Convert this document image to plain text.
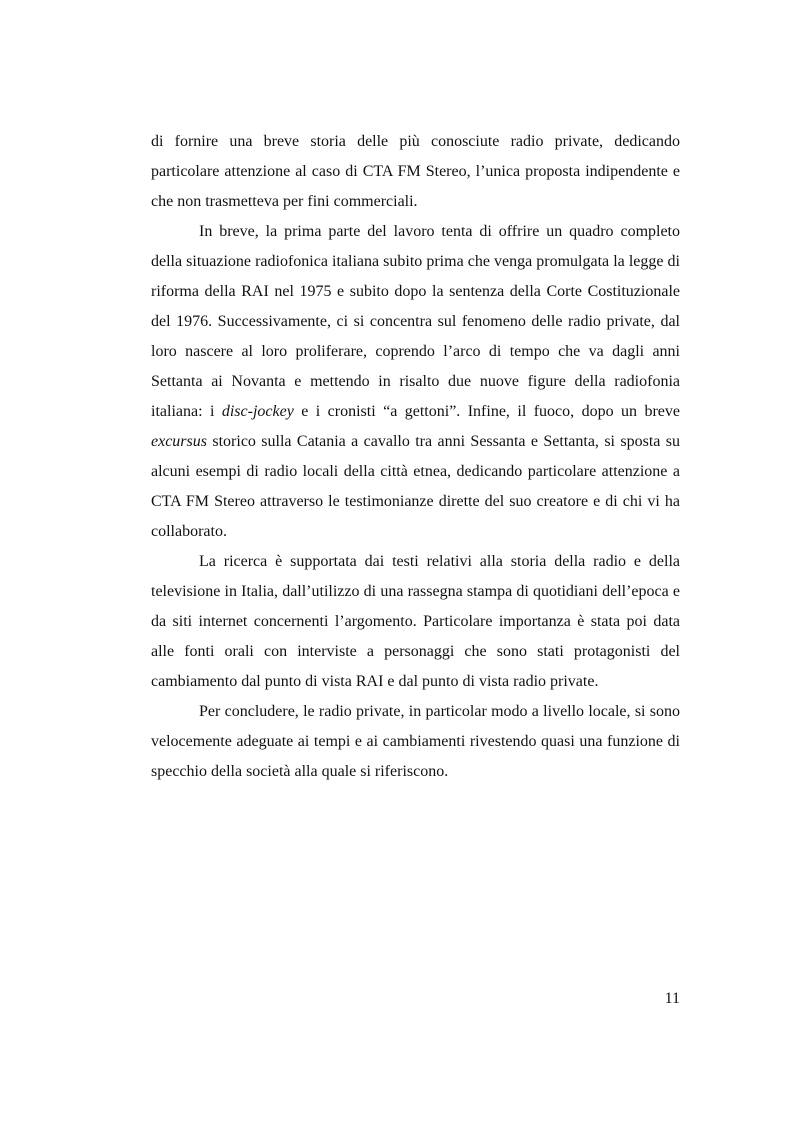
di fornire una breve storia delle più conosciute radio private, dedicando particolare attenzione al caso di CTA FM Stereo, l’unica proposta indipendente e che non trasmetteva per fini commerciali.

In breve, la prima parte del lavoro tenta di offrire un quadro completo della situazione radiofonica italiana subito prima che venga promulgata la legge di riforma della RAI nel 1975 e subito dopo la sentenza della Corte Costituzionale del 1976. Successivamente, ci si concentra sul fenomeno delle radio private, dal loro nascere al loro proliferare, coprendo l’arco di tempo che va dagli anni Settanta ai Novanta e mettendo in risalto due nuove figure della radiofonia italiana: i disc-jockey e i cronisti “a gettoni”. Infine, il fuoco, dopo un breve excursus storico sulla Catania a cavallo tra anni Sessanta e Settanta, si sposta su alcuni esempi di radio locali della città etnea, dedicando particolare attenzione a CTA FM Stereo attraverso le testimonianze dirette del suo creatore e di chi vi ha collaborato.

La ricerca è supportata dai testi relativi alla storia della radio e della televisione in Italia, dall’utilizzo di una rassegna stampa di quotidiani dell’epoca e da siti internet concernenti l’argomento. Particolare importanza è stata poi data alle fonti orali con interviste a personaggi che sono stati protagonisti del cambiamento dal punto di vista RAI e dal punto di vista radio private.

Per concludere, le radio private, in particolar modo a livello locale, si sono velocemente adeguate ai tempi e ai cambiamenti rivestendo quasi una funzione di specchio della società alla quale si riferiscono.

11
